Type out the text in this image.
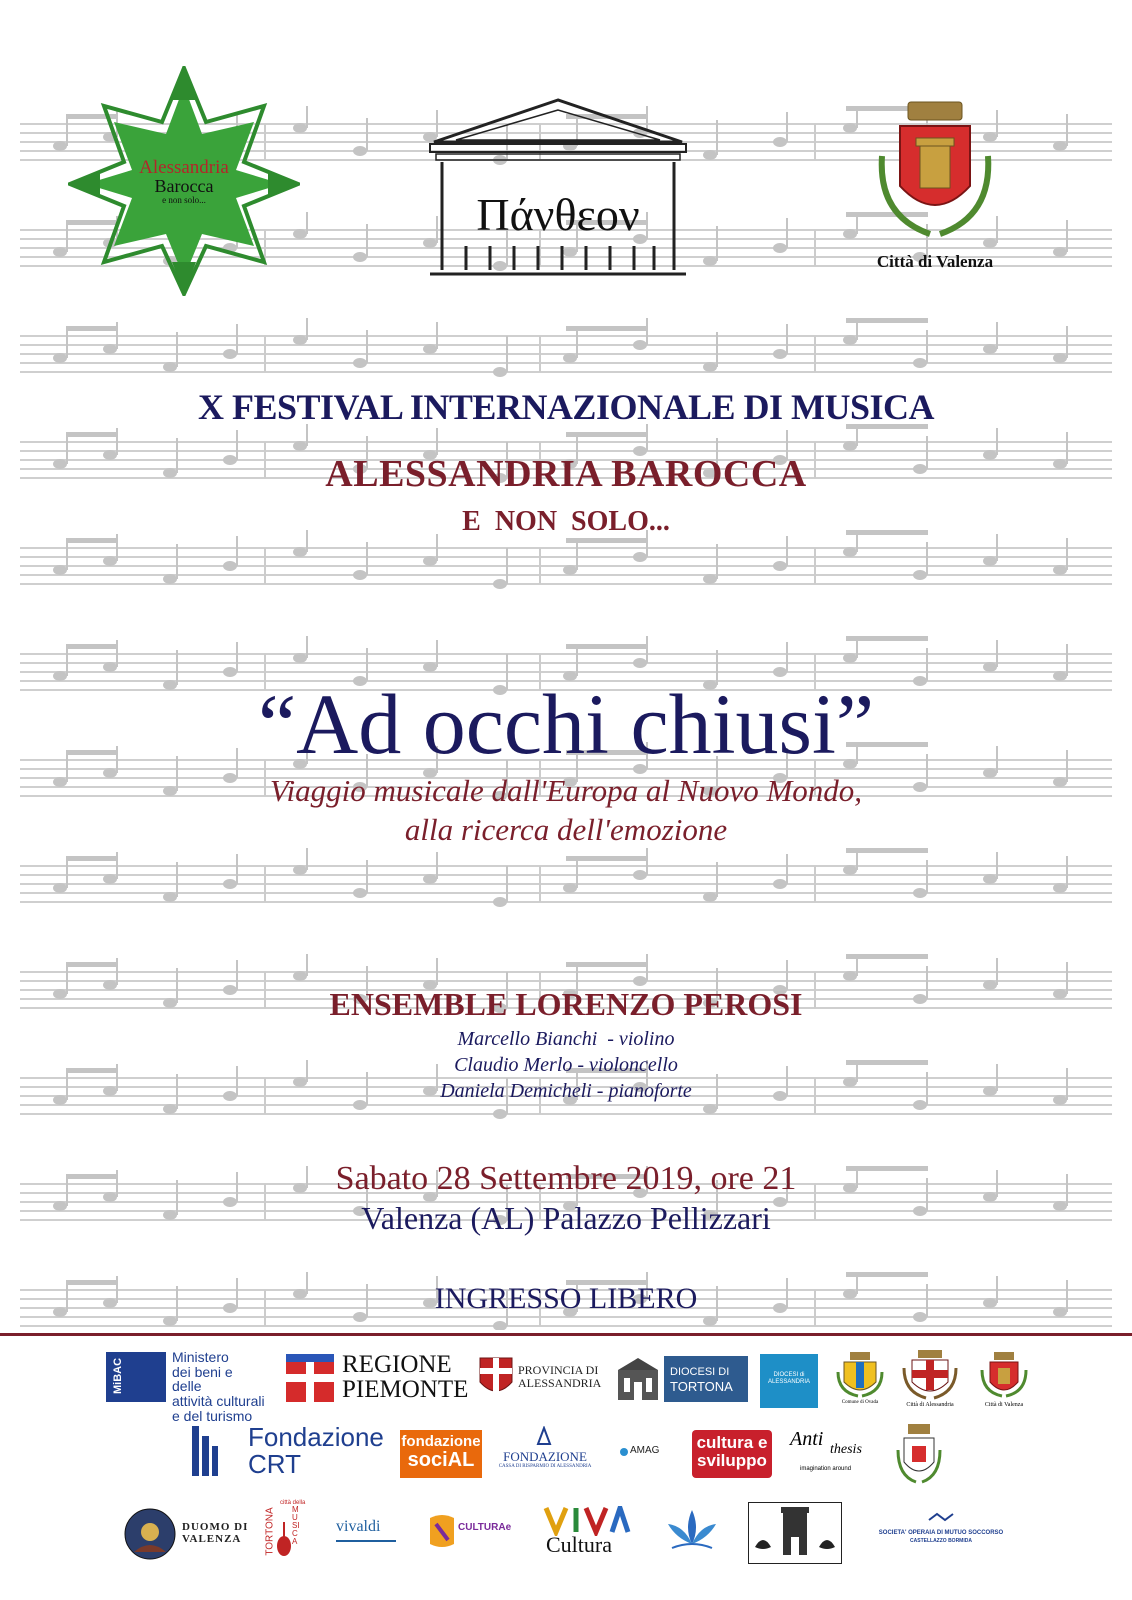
Alessandria
Barocca
e non solo...	Πάνθεον
Città di Valenza
X FESTIVAL INTERNAZIONALE DI MUSICA
ALESSANDRIA BAROCCA
E  NON  SOLO...
“Ad occhi chiusi”
Viaggio musicale dall'Europa al Nuovo Mondo,
alla ricerca dell'emozione
ENSEMBLE LORENZO PEROSI
Marcello Bianchi  - violino
Claudio Merlo - violoncello
Daniela Demicheli - pianoforte
Sabato 28 Settembre 2019, ore 21
Valenza (AL) Palazzo Pellizzari
INGRESSO LIBERO
MiBAC
Ministero
dei beni e delle
attività culturali
e del turismo
REGIONE
PIEMONTE
PROVINCIA DI
ALESSANDRIA
DIOCESI DI
TORTONA
DIOCESI di ALESSANDRIA
Comune di Ovada	Città di Alessandria	Città di Valenza
Fondazione
CRT
fondazione
sociAL	FONDAZIONE
CASSA DI RISPARMIO DI ALESSANDRIA
AMAG cultura e
sviluppo
Anti thesis
imagination around
DUOMO DI
VALENZA	TORTONA
città della
MUSICA
vivaldi	CULTURAe
Cultura	SOCIETA' OPERAIA DI MUTUO SOCCORSO
CASTELLAZZO BORMIDA
